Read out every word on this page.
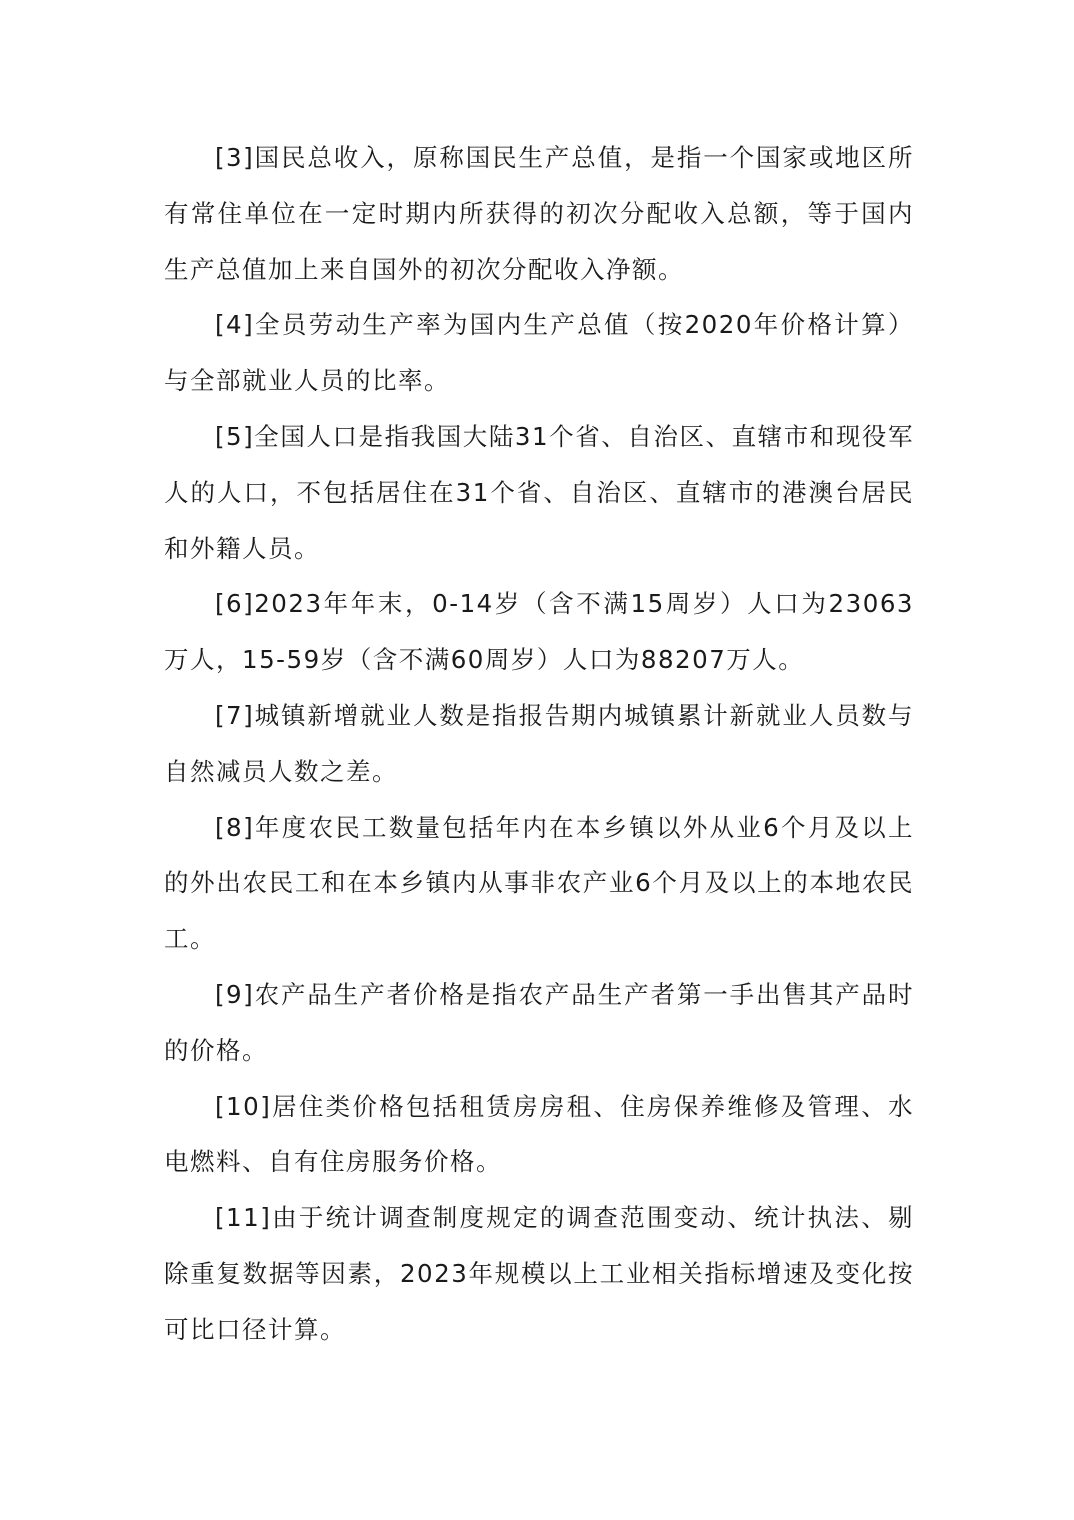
[3]国民总收入，原称国民生产总值，是指一个国家或地区所有常住单位在一定时期内所获得的初次分配收入总额，等于国内生产总值加上来自国外的初次分配收入净额。

[4]全员劳动生产率为国内生产总值（按2020年价格计算）与全部就业人员的比率。

[5]全国人口是指我国大陆31个省、自治区、直辖市和现役军人的人口，不包括居住在31个省、自治区、直辖市的港澳台居民和外籍人员。

[6]2023年年末，0-14岁（含不满15周岁）人口为23063万人，15-59岁（含不满60周岁）人口为88207万人。

[7]城镇新增就业人数是指报告期内城镇累计新就业人员数与自然减员人数之差。

[8]年度农民工数量包括年内在本乡镇以外从业6个月及以上的外出农民工和在本乡镇内从事非农产业6个月及以上的本地农民工。

[9]农产品生产者价格是指农产品生产者第一手出售其产品时的价格。

[10]居住类价格包括租赁房房租、住房保养维修及管理、水电燃料、自有住房服务价格。

[11]由于统计调查制度规定的调查范围变动、统计执法、剔除重复数据等因素，2023年规模以上工业相关指标增速及变化按可比口径计算。
